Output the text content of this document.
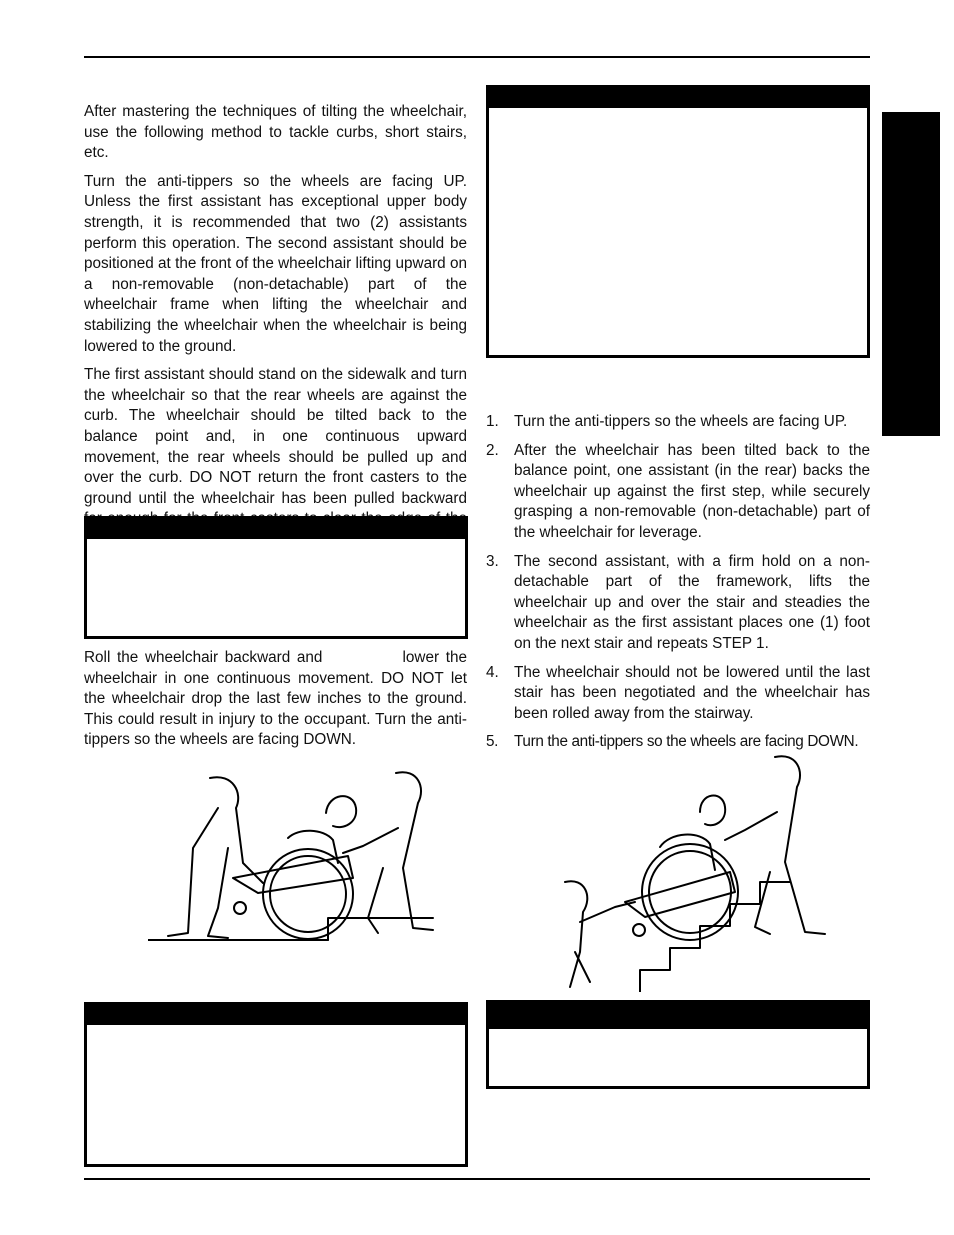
After mastering the techniques of tilting the wheelchair, use the following method to tackle curbs, short stairs, etc.

Turn the anti-tippers so the wheels are facing UP. Unless the first assistant has exceptional upper body strength, it is recommended that two (2) assistants perform this operation. The second assistant should be positioned at the front of the wheelchair lifting upward on a non-removable (non-detachable) part of the wheelchair frame when lifting the wheelchair and stabilizing the wheelchair when the wheelchair is being lowered to the ground.

The first assistant should stand on the sidewalk and turn the wheelchair so that the rear wheels are against the curb. The wheelchair should be tilted back to the balance point and, in one continuous upward movement, the rear wheels should be pulled up and over the curb. DO NOT return the front casters to the ground until the wheelchair has been pulled backward

Roll the wheelchair backward and            lower the wheelchair in one continuous movement. DO NOT let the wheelchair drop the last few inches to the ground. This could result in injury to the occupant. Turn the anti-tippers so the wheels are facing DOWN.

1. Turn the anti-tippers so the wheels are facing UP.
2. After the wheelchair has been tilted back to the balance point, one assistant (in the rear) backs the wheelchair up against the first step, while securely grasping a non-removable (non-detachable) part of the wheelchair for leverage.
3. The second assistant, with a firm hold on a non-detachable part of the framework, lifts the wheelchair up and over the stair and steadies the wheelchair as the first assistant places one (1) foot on the next stair and repeats STEP 1.
4. The wheelchair should not be lowered until the last stair has been negotiated and the wheelchair has been rolled away from the stairway.
5. Turn the anti-tippers so the wheels are facing DOWN.
